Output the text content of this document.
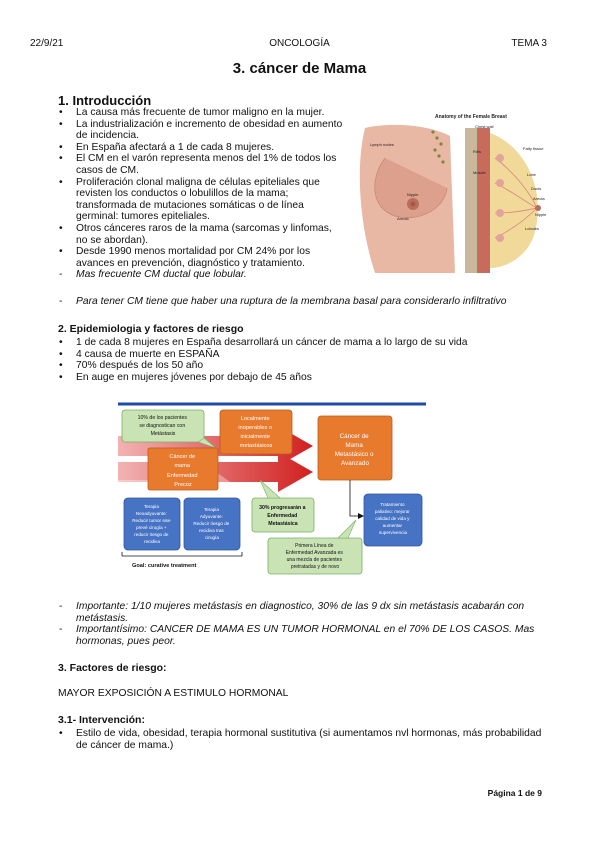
22/9/21	ONCOLOGÍA	TEMA 3
3. cáncer de Mama
1. Introducción
• La causa más frecuente de tumor maligno en la mujer.
• La industrialización e incremento de obesidad en aumento de incidencia.
• En España afectará a 1 de cada 8 mujeres.
• El CM en el varón representa menos del 1% de todos los casos de CM.
• Proliferación clonal maligna de células epiteliales que revisten los conductos o lobulillos de la mama; transformada de mutaciones somáticas o de línea germinal: tumores epiteliales.
• Otros cánceres raros de la mama (sarcomas y linfomas, no se abordan).
• Desde 1990 menos mortalidad por CM 24% por los avances en prevención, diagnóstico y tratamiento.
- Mas frecuente CM ductal que lobular.
- Para tener CM tiene que haber una ruptura de la membrana basal para considerarlo infiltrativo
Anatomy of the Female Breast
Chest wall
Lymph nodes
Ribs
Fatty tissue
Muscle	Lobe
Ducts
Areola
Nipple
Lobules
Nipple
Areola
2. Epidemiologia y factores de riesgo
• 1 de cada 8 mujeres en España desarrollará un cáncer de mama a lo largo de su vida
• 4 causa de muerte en ESPAÑA
• 70% después de los 50 año
• En auge en mujeres jóvenes por debajo de 45 años
10% de los pacientes se diagnostican con Metástasis
Localmente inoperables o inicialmente metastásicos
Cáncer de Mama Metastásico o Avanzado
Cáncer de mama Enfermedad Precoz
Terapia Neoadyuvante: Reducir tumor sise prevé cirugía + reducir riesgo de recidiva
Terapia Adyuvante: Reducir riesgo de recidiva tras cirugía
30% progresarán a Enfermedad Metastásica
Tratamiento paliativo: mejorar calidad de vida y aumentar supervivencia
Primera Línea de Enfermedad Avanzada es una mezcla de pacientes pretratadas y de novo
Goal: curative treatment
- Importante: 1/10 mujeres metástasis en diagnostico, 30% de las 9 dx sin metástasis acabarán con metástasis.
- Importantísimo: CANCER DE MAMA ES UN TUMOR HORMONAL en el 70% DE LOS CASOS. Mas hormonas, pues peor.
3. Factores de riesgo:
MAYOR EXPOSICIÓN A ESTIMULO HORMONAL
3.1- Intervención:
• Estilo de vida, obesidad, terapia hormonal sustitutiva (si aumentamos nvl hormonas, más probabilidad de cáncer de mama.)
Página 1 de 9
